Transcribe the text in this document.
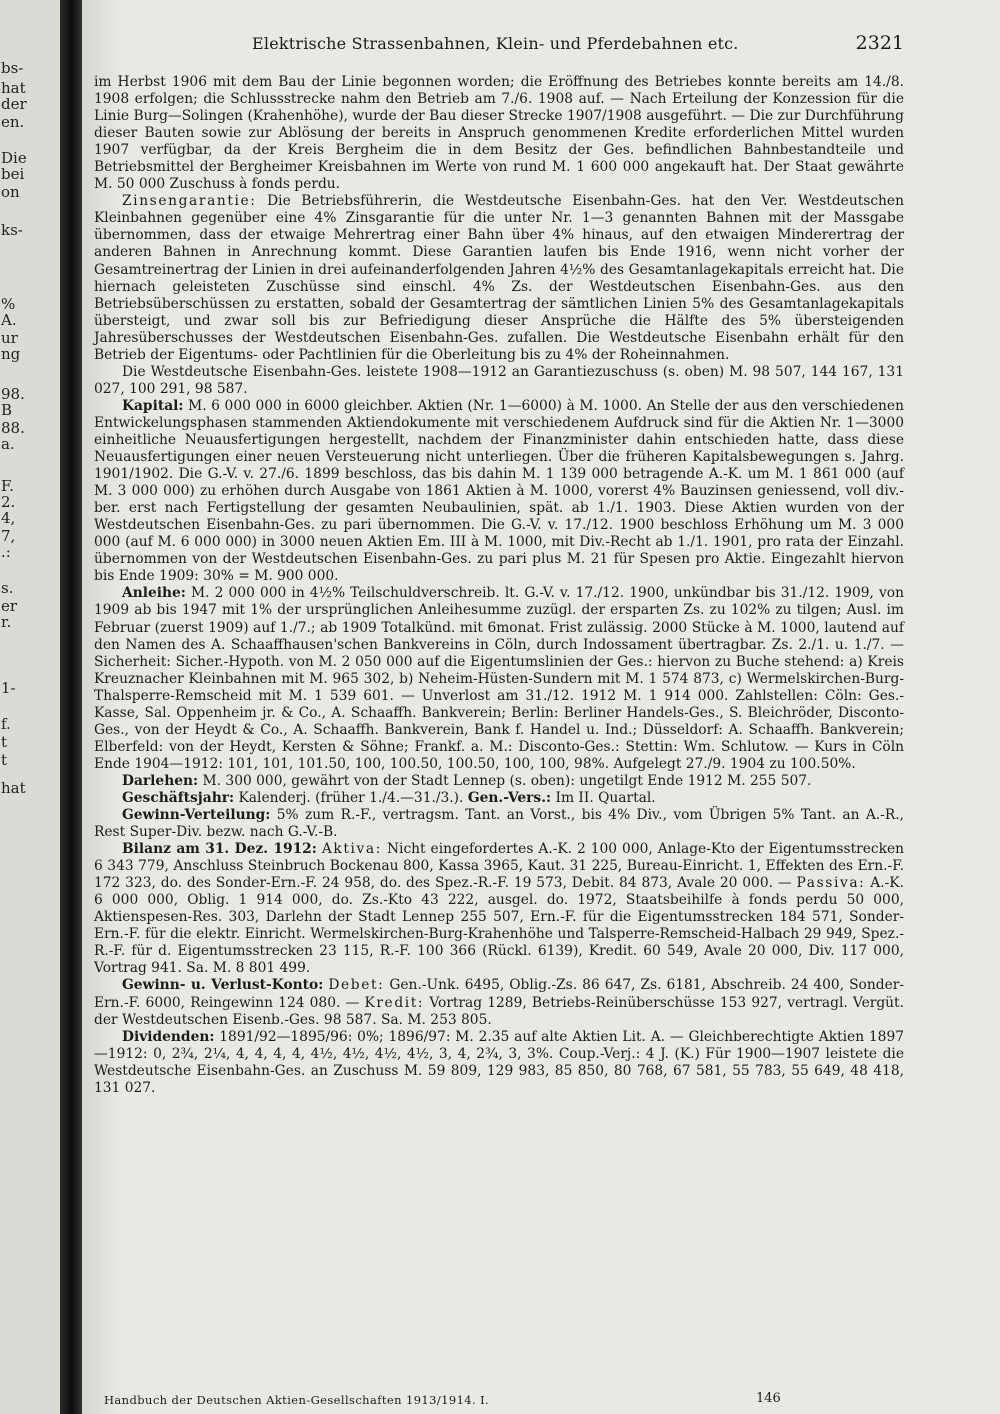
bs-
hat
der
en.
Die
bei
on
ks-
%
A.
ur
ng
98.
B
88.
a.
F.
2.
4,
7,
.:
s.
er
r.
1-
f.
t
t
hat
Elektrische Strassenbahnen, Klein- und Pferdebahnen etc.	2321

im Herbst 1906 mit dem Bau der Linie begonnen worden; die Eröffnung des Betriebes konnte bereits am 14./8. 1908 erfolgen; die Schlussstrecke nahm den Betrieb am 7./6. 1908 auf. — Nach Erteilung der Konzession für die Linie Burg—Solingen (Krahenhöhe), wurde der Bau dieser Strecke 1907/1908 ausgeführt. — Die zur Durchführung dieser Bauten sowie zur Ablösung der bereits in Anspruch genommenen Kredite erforderlichen Mittel wurden 1907 verfügbar, da der Kreis Bergheim die in dem Besitz der Ges. befindlichen Bahnbestandteile und Betriebsmittel der Bergheimer Kreisbahnen im Werte von rund M. 1 600 000 angekauft hat. Der Staat gewährte M. 50 000 Zuschuss à fonds perdu.

Zinsengarantie: Die Betriebsführerin, die Westdeutsche Eisenbahn-Ges. hat den Ver. Westdeutschen Kleinbahnen gegenüber eine 4% Zinsgarantie für die unter Nr. 1—3 genannten Bahnen mit der Massgabe übernommen, dass der etwaige Mehrertrag einer Bahn über 4% hinaus, auf den etwaigen Minderertrag der anderen Bahnen in Anrechnung kommt. Diese Garantien laufen bis Ende 1916, wenn nicht vorher der Gesamtreinertrag der Linien in drei aufeinanderfolgenden Jahren 4½% des Gesamtanlagekapitals erreicht hat. Die hiernach geleisteten Zuschüsse sind einschl. 4% Zs. der Westdeutschen Eisenbahn-Ges. aus den Betriebsüberschüssen zu erstatten, sobald der Gesamtertrag der sämtlichen Linien 5% des Gesamtanlagekapitals übersteigt, und zwar soll bis zur Befriedigung dieser Ansprüche die Hälfte des 5% übersteigenden Jahresüberschusses der Westdeutschen Eisenbahn-Ges. zufallen. Die Westdeutsche Eisenbahn erhält für den Betrieb der Eigentums- oder Pachtlinien für die Oberleitung bis zu 4% der Roheinnahmen.

Die Westdeutsche Eisenbahn-Ges. leistete 1908—1912 an Garantiezuschuss (s. oben) M. 98 507, 144 167, 131 027, 100 291, 98 587.

Kapital: M. 6 000 000 in 6000 gleichber. Aktien (Nr. 1—6000) à M. 1000. An Stelle der aus den verschiedenen Entwickelungsphasen stammenden Aktiendokumente mit verschiedenem Aufdruck sind für die Aktien Nr. 1—3000 einheitliche Neuausfertigungen hergestellt, nachdem der Finanzminister dahin entschieden hatte, dass diese Neuausfertigungen einer neuen Versteuerung nicht unterliegen. Über die früheren Kapitalsbewegungen s. Jahrg. 1901/1902. Die G.-V. v. 27./6. 1899 beschloss, das bis dahin M. 1 139 000 betragende A.-K. um M. 1 861 000 (auf M. 3 000 000) zu erhöhen durch Ausgabe von 1861 Aktien à M. 1000, vorerst 4% Bauzinsen geniessend, voll div.-ber. erst nach Fertigstellung der gesamten Neubaulinien, spät. ab 1./1. 1903. Diese Aktien wurden von der Westdeutschen Eisenbahn-Ges. zu pari übernommen. Die G.-V. v. 17./12. 1900 beschloss Erhöhung um M. 3 000 000 (auf M. 6 000 000) in 3000 neuen Aktien Em. III à M. 1000, mit Div.-Recht ab 1./1. 1901, pro rata der Einzahl. übernommen von der Westdeutschen Eisenbahn-Ges. zu pari plus M. 21 für Spesen pro Aktie. Eingezahlt hiervon bis Ende 1909: 30% = M. 900 000.

Anleihe: M. 2 000 000 in 4½% Teilschuldverschreib. lt. G.-V. v. 17./12. 1900, unkündbar bis 31./12. 1909, von 1909 ab bis 1947 mit 1% der ursprünglichen Anleihesumme zuzügl. der ersparten Zs. zu 102% zu tilgen; Ausl. im Februar (zuerst 1909) auf 1./7.; ab 1909 Totalkünd. mit 6monat. Frist zulässig. 2000 Stücke à M. 1000, lautend auf den Namen des A. Schaaffhausen'schen Bankvereins in Cöln, durch Indossament übertragbar. Zs. 2./1. u. 1./7. — Sicherheit: Sicher.-Hypoth. von M. 2 050 000 auf die Eigentumslinien der Ges.: hiervon zu Buche stehend: a) Kreis Kreuznacher Kleinbahnen mit M. 965 302, b) Neheim-Hüsten-Sundern mit M. 1 574 873, c) Wermelskirchen-Burg-Thalsperre-Remscheid mit M. 1 539 601. — Unverlost am 31./12. 1912 M. 1 914 000. Zahlstellen: Cöln: Ges.-Kasse, Sal. Oppenheim jr. & Co., A. Schaaffh. Bankverein; Berlin: Berliner Handels-Ges., S. Bleichröder, Disconto-Ges., von der Heydt & Co., A. Schaaffh. Bankverein, Bank f. Handel u. Ind.; Düsseldorf: A. Schaaffh. Bankverein; Elberfeld: von der Heydt, Kersten & Söhne; Frankf. a. M.: Disconto-Ges.: Stettin: Wm. Schlutow. — Kurs in Cöln Ende 1904—1912: 101, 101, 101.50, 100, 100.50, 100.50, 100, 100, 98%. Aufgelegt 27./9. 1904 zu 100.50%.

Darlehen: M. 300 000, gewährt von der Stadt Lennep (s. oben): ungetilgt Ende 1912 M. 255 507.

Geschäftsjahr: Kalenderj. (früher 1./4.—31./3.). Gen.-Vers.: Im II. Quartal.

Gewinn-Verteilung: 5% zum R.-F., vertragsm. Tant. an Vorst., bis 4% Div., vom Übrigen 5% Tant. an A.-R., Rest Super-Div. bezw. nach G.-V.-B.

Bilanz am 31. Dez. 1912: Aktiva: Nicht eingefordertes A.-K. 2 100 000, Anlage-Kto der Eigentumsstrecken 6 343 779, Anschluss Steinbruch Bockenau 800, Kassa 3965, Kaut. 31 225, Bureau-Einricht. 1, Effekten des Ern.-F. 172 323, do. des Sonder-Ern.-F. 24 958, do. des Spez.-R.-F. 19 573, Debit. 84 873, Avale 20 000. — Passiva: A.-K. 6 000 000, Oblig. 1 914 000, do. Zs.-Kto 43 222, ausgel. do. 1972, Staatsbeihilfe à fonds perdu 50 000, Aktienspesen-Res. 303, Darlehn der Stadt Lennep 255 507, Ern.-F. für die Eigentumsstrecken 184 571, Sonder-Ern.-F. für die elektr. Einricht. Wermelskirchen-Burg-Krahenhöhe und Talsperre-Remscheid-Halbach 29 949, Spez.-R.-F. für d. Eigentumsstrecken 23 115, R.-F. 100 366 (Rückl. 6139), Kredit. 60 549, Avale 20 000, Div. 117 000, Vortrag 941. Sa. M. 8 801 499.

Gewinn- u. Verlust-Konto: Debet: Gen.-Unk. 6495, Oblig.-Zs. 86 647, Zs. 6181, Abschreib. 24 400, Sonder-Ern.-F. 6000, Reingewinn 124 080. — Kredit: Vortrag 1289, Betriebs-Reinüberschüsse 153 927, vertragl. Vergüt. der Westdeutschen Eisenb.-Ges. 98 587. Sa. M. 253 805.

Dividenden: 1891/92—1895/96: 0%; 1896/97: M. 2.35 auf alte Aktien Lit. A. — Gleichberechtigte Aktien 1897—1912: 0, 2¾, 2¼, 4, 4, 4, 4, 4½, 4½, 4½, 4½, 3, 4, 2¾, 3, 3%. Coup.-Verj.: 4 J. (K.) Für 1900—1907 leistete die Westdeutsche Eisenbahn-Ges. an Zuschuss M. 59 809, 129 983, 85 850, 80 768, 67 581, 55 783, 55 649, 48 418, 131 027.

Handbuch der Deutschen Aktien-Gesellschaften 1913/1914. I.	146
